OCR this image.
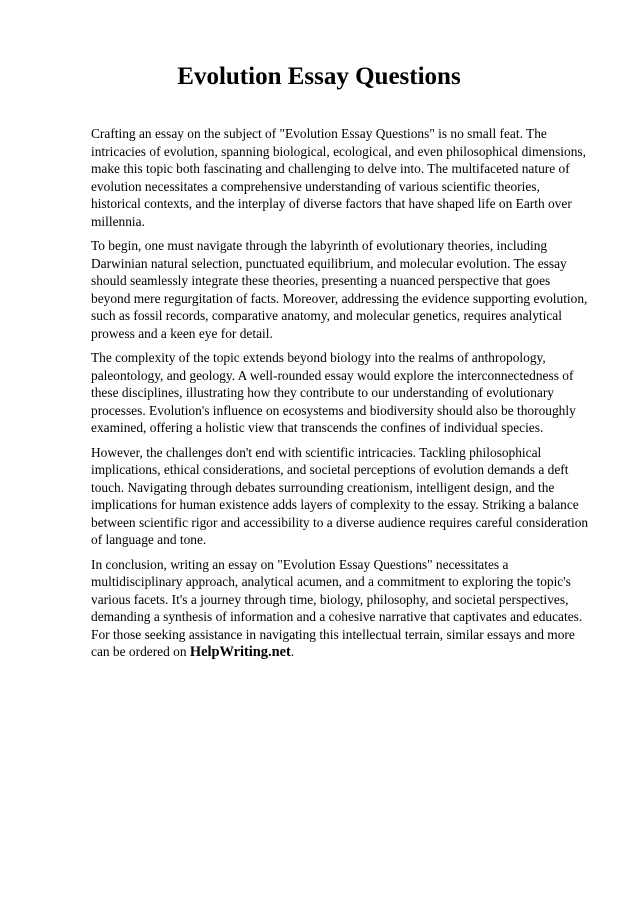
Evolution Essay Questions

Crafting an essay on the subject of "Evolution Essay Questions" is no small feat. The intricacies of evolution, spanning biological, ecological, and even philosophical dimensions, make this topic both fascinating and challenging to delve into. The multifaceted nature of evolution necessitates a comprehensive understanding of various scientific theories, historical contexts, and the interplay of diverse factors that have shaped life on Earth over millennia.

To begin, one must navigate through the labyrinth of evolutionary theories, including Darwinian natural selection, punctuated equilibrium, and molecular evolution. The essay should seamlessly integrate these theories, presenting a nuanced perspective that goes beyond mere regurgitation of facts. Moreover, addressing the evidence supporting evolution, such as fossil records, comparative anatomy, and molecular genetics, requires analytical prowess and a keen eye for detail.

The complexity of the topic extends beyond biology into the realms of anthropology, paleontology, and geology. A well-rounded essay would explore the interconnectedness of these disciplines, illustrating how they contribute to our understanding of evolutionary processes. Evolution's influence on ecosystems and biodiversity should also be thoroughly examined, offering a holistic view that transcends the confines of individual species.

However, the challenges don't end with scientific intricacies. Tackling philosophical implications, ethical considerations, and societal perceptions of evolution demands a deft touch. Navigating through debates surrounding creationism, intelligent design, and the implications for human existence adds layers of complexity to the essay. Striking a balance between scientific rigor and accessibility to a diverse audience requires careful consideration of language and tone.

In conclusion, writing an essay on "Evolution Essay Questions" necessitates a multidisciplinary approach, analytical acumen, and a commitment to exploring the topic's various facets. It's a journey through time, biology, philosophy, and societal perspectives, demanding a synthesis of information and a cohesive narrative that captivates and educates. For those seeking assistance in navigating this intellectual terrain, similar essays and more can be ordered on HelpWriting.net.
